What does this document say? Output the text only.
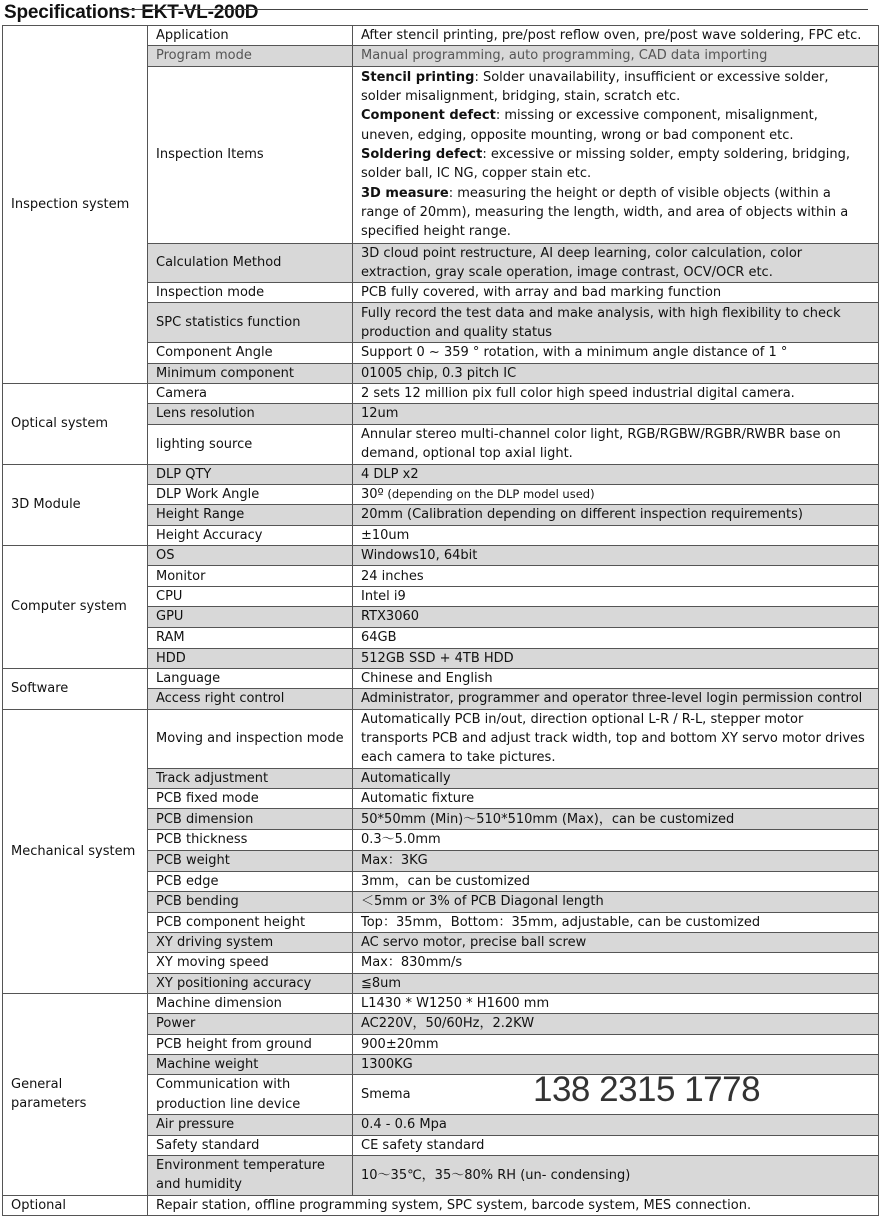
Specifications: EKT-VL-200D
Inspection system	Application	After stencil printing, pre/post reflow oven, pre/post wave soldering, FPC etc.
	Program mode	Manual programming, auto programming, CAD data importing
	Inspection Items	Stencil printing: Solder unavailability, insufficient or excessive solder, solder misalignment, bridging, stain, scratch etc.
Component defect: missing or excessive component, misalignment, uneven, edging, opposite mounting, wrong or bad component etc.
Soldering defect: excessive or missing solder, empty soldering, bridging, solder ball, IC NG, copper stain etc.
3D measure: measuring the height or depth of visible objects (within a range of 20mm), measuring the length, width, and area of objects within a specified height range.

	Calculation Method	3D cloud point restructure, AI deep learning, color calculation, color extraction, gray scale operation, image contrast, OCV/OCR etc.
	Inspection mode	PCB fully covered, with array and bad marking function
	SPC statistics function	Fully record the test data and make analysis, with high flexibility to check production and quality status
	Component Angle	Support 0 ~ 359 ° rotation, with a minimum angle distance of 1 °
	Minimum component	01005 chip, 0.3 pitch IC
Optical system	Camera	2 sets 12 million pix full color high speed industrial digital camera.
	Lens resolution	12um
	lighting source	Annular stereo multi-channel color light, RGB/RGBW/RGBR/RWBR base on demand, optional top axial light.
3D Module	DLP QTY	4 DLP x2
	DLP Work Angle	30º (depending on the DLP model used)
	Height Range	20mm (Calibration depending on different inspection requirements)
	Height Accuracy	±10um
Computer system	OS	Windows10, 64bit
	Monitor	24 inches
	CPU	Intel i9
	GPU	RTX3060
	RAM	64GB
	HDD	512GB SSD + 4TB HDD
Software	Language	Chinese and English
	Access right control	Administrator, programmer and operator three-level login permission control
Mechanical system	Moving and inspection mode	Automatically PCB in/out, direction optional L-R / R-L, stepper motor transports PCB and adjust track width, top and bottom XY servo motor drives each camera to take pictures.
	Track adjustment	Automatically
	PCB fixed mode	Automatic fixture
	PCB dimension	50*50mm (Min)～510*510mm (Max)，can be customized
	PCB thickness	0.3～5.0mm
	PCB weight	Max：3KG
	PCB edge	3mm，can be customized
	PCB bending	＜5mm or 3% of PCB Diagonal length
	PCB component height	Top：35mm，Bottom：35mm, adjustable, can be customized
	XY driving system	AC servo motor, precise ball screw
	XY moving speed	Max：830mm/s
	XY positioning accuracy	≦8um
General parameters	Machine dimension	L1430 * W1250 * H1600 mm
	Power	AC220V，50/60Hz，2.2KW
	PCB height from ground	900±20mm
	Machine weight	1300KG
	Communication with production line device	Smema
	Air pressure	0.4 - 0.6 Mpa
	Safety standard	CE safety standard
	Environment temperature and humidity	10～35℃，35～80% RH (un- condensing)
Optional	Repair station, offline programming system, SPC system, barcode system, MES connection.	
138 2315 1778
